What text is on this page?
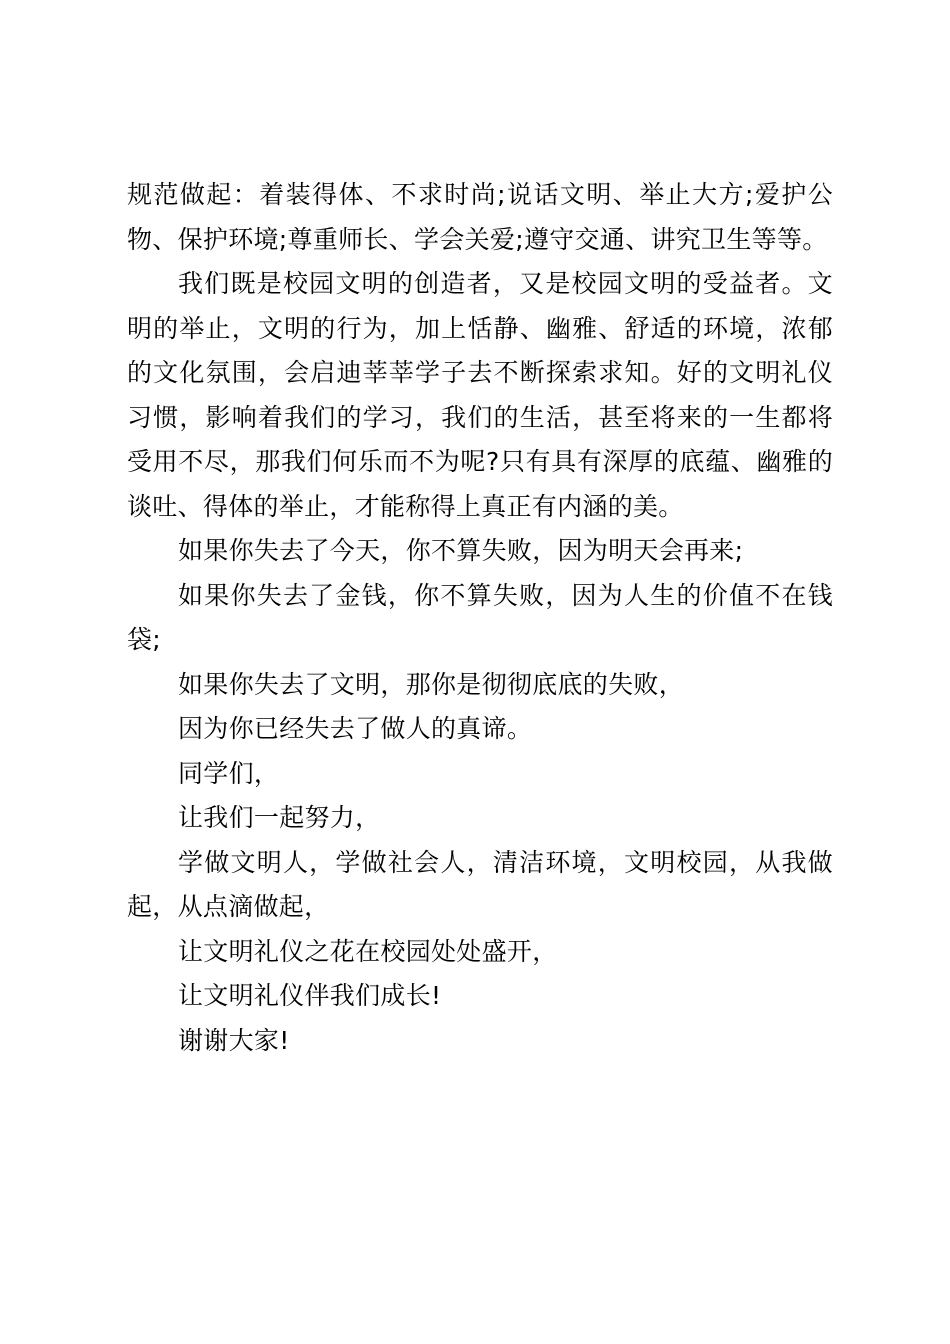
规范做起：着装得体、不求时尚;说话文明、举止大方;爱护公物、保护环境;尊重师长、学会关爱;遵守交通、讲究卫生等等。

我们既是校园文明的创造者，又是校园文明的受益者。文明的举止，文明的行为，加上恬静、幽雅、舒适的环境，浓郁的文化氛围，会启迪莘莘学子去不断探索求知。好的文明礼仪习惯，影响着我们的学习，我们的生活，甚至将来的一生都将受用不尽，那我们何乐而不为呢?只有具有深厚的底蕴、幽雅的谈吐、得体的举止，才能称得上真正有内涵的美。

如果你失去了今天，你不算失败，因为明天会再来;

如果你失去了金钱，你不算失败，因为人生的价值不在钱袋;

如果你失去了文明，那你是彻彻底底的失败，

因为你已经失去了做人的真谛。

同学们，

让我们一起努力，

学做文明人，学做社会人，清洁环境，文明校园，从我做起，从点滴做起，

让文明礼仪之花在校园处处盛开，

让文明礼仪伴我们成长!

谢谢大家!
